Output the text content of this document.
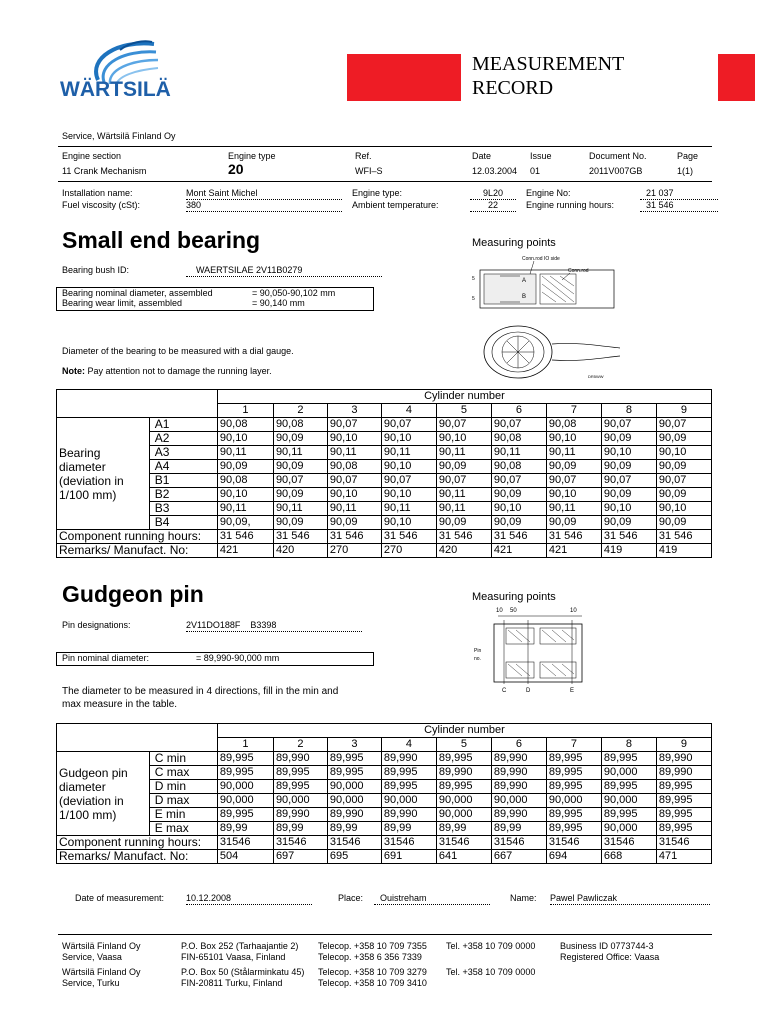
WÄRTSILÄ
MEASUREMENT
RECORD
Service, Wärtsilä Finland Oy
Engine section	Engine type	Ref.	Date	Issue	Document No.	Page
11 Crank Mechanism	20	WFI–S	12.03.2004 01	2011V007GB	1(1)
Installation name:	Mont Saint Michel	Engine type:	9L20	Engine No:	21 037
Fuel viscosity (cSt):	380	Ambient temperature:	22	Engine running hours:	31 546
Small end bearing	Measuring points
Bearing bush ID:	WAERTSILAE 2V11B0279
Bearing nominal diameter, assembled	= 90,050-90,102 mm
Bearing wear limit, assembled	= 90,140 mm
Diameter of the bearing to be measured with a dial gauge.
Note: Pay attention not to damage the running layer.
Conn.rod IO side
Conn.rod
5
5
A
B
DR5WW
		Cylinder number								
		1	2	3	4	5	6	7	8	9
Bearing diameter (deviation in 1/100 mm)	A1	90,08	90,08	90,07	90,07	90,07	90,07	90,08	90,07	90,07
	A2	90,10	90,09	90,10	90,10	90,10	90,08	90,10	90,09	90,09
	A3	90,11	90,11	90,11	90,11	90,11	90,11	90,11	90,10	90,10
	A4	90,09	90,09	90,08	90,10	90,09	90,08	90,09	90,09	90,09
	B1	90,08	90,07	90,07	90,07	90,07	90,07	90,07	90,07	90,07
	B2	90,10	90,09	90,10	90,10	90,11	90,09	90,10	90,09	90,09
	B3	90,11	90,11	90,11	90,11	90,11	90,10	90,11	90,10	90,10
	B4	90,09,	90,09	90,09	90,10	90,09	90,09	90,09	90,09	90,09
Component running hours:		31 546	31 546	31 546	31 546	31 546	31 546	31 546	31 546	31 546
Remarks/ Manufact. No:		421	420	270	270	420	421	421	419	419
Gudgeon pin	Measuring points
Pin designations:	2V11DO188F    B3398
Pin nominal diameter:	= 89,990-90,000 mm
The diameter to be measured in 4 directions, fill in the min and
max measure in the table.
10 50	10
Pin
no.
C	D	E
		Cylinder number								
		1	2	3	4	5	6	7	8	9
Gudgeon pin diameter (deviation in 1/100 mm)	C min	89,995	89,990	89,995	89,990	89,995	89,990	89,995	89,995	89,990
	C max	89,995	89,995	89,995	89,995	89,990	89,990	89,995	90,000	89,990
	D min	90,000	89,995	90,000	89,995	89,995	89,990	89,995	89,995	89,995
	D max	90,000	90,000	90,000	90,000	90,000	90,000	90,000	90,000	89,995
	E min	89,995	89,990	89,990	89,990	90,000	89,990	89,995	89,995	89,995
	E max	89,99	89,99	89,99	89,99	89,99	89,99	89,995	90,000	89,995
Component running hours:		31546	31546	31546	31546	31546	31546	31546	31546	31546
Remarks/ Manufact. No:		504	697	695	691	641	667	694	668	471
Date of measurement: 10.12.2008	Place:	Ouistreham	Name: Pawel Pawliczak
Wärtsilä Finland Oy
Service, Vaasa
Wärtsilä Finland Oy
Service, Turku
P.O. Box 252 (Tarhaajantie 2)
FIN-65101 Vaasa, Finland
P.O. Box 50 (Stålarminkatu 45)
FIN-20811 Turku, Finland
Telecop. +358 10 709 7355
Telecop. +358 6 356 7339
Telecop. +358 10 709 3279
Telecop. +358 10 709 3410
Tel. +358 10 709 0000
Tel. +358 10 709 0000
Business ID 0773744-3
Registered Office: Vaasa
